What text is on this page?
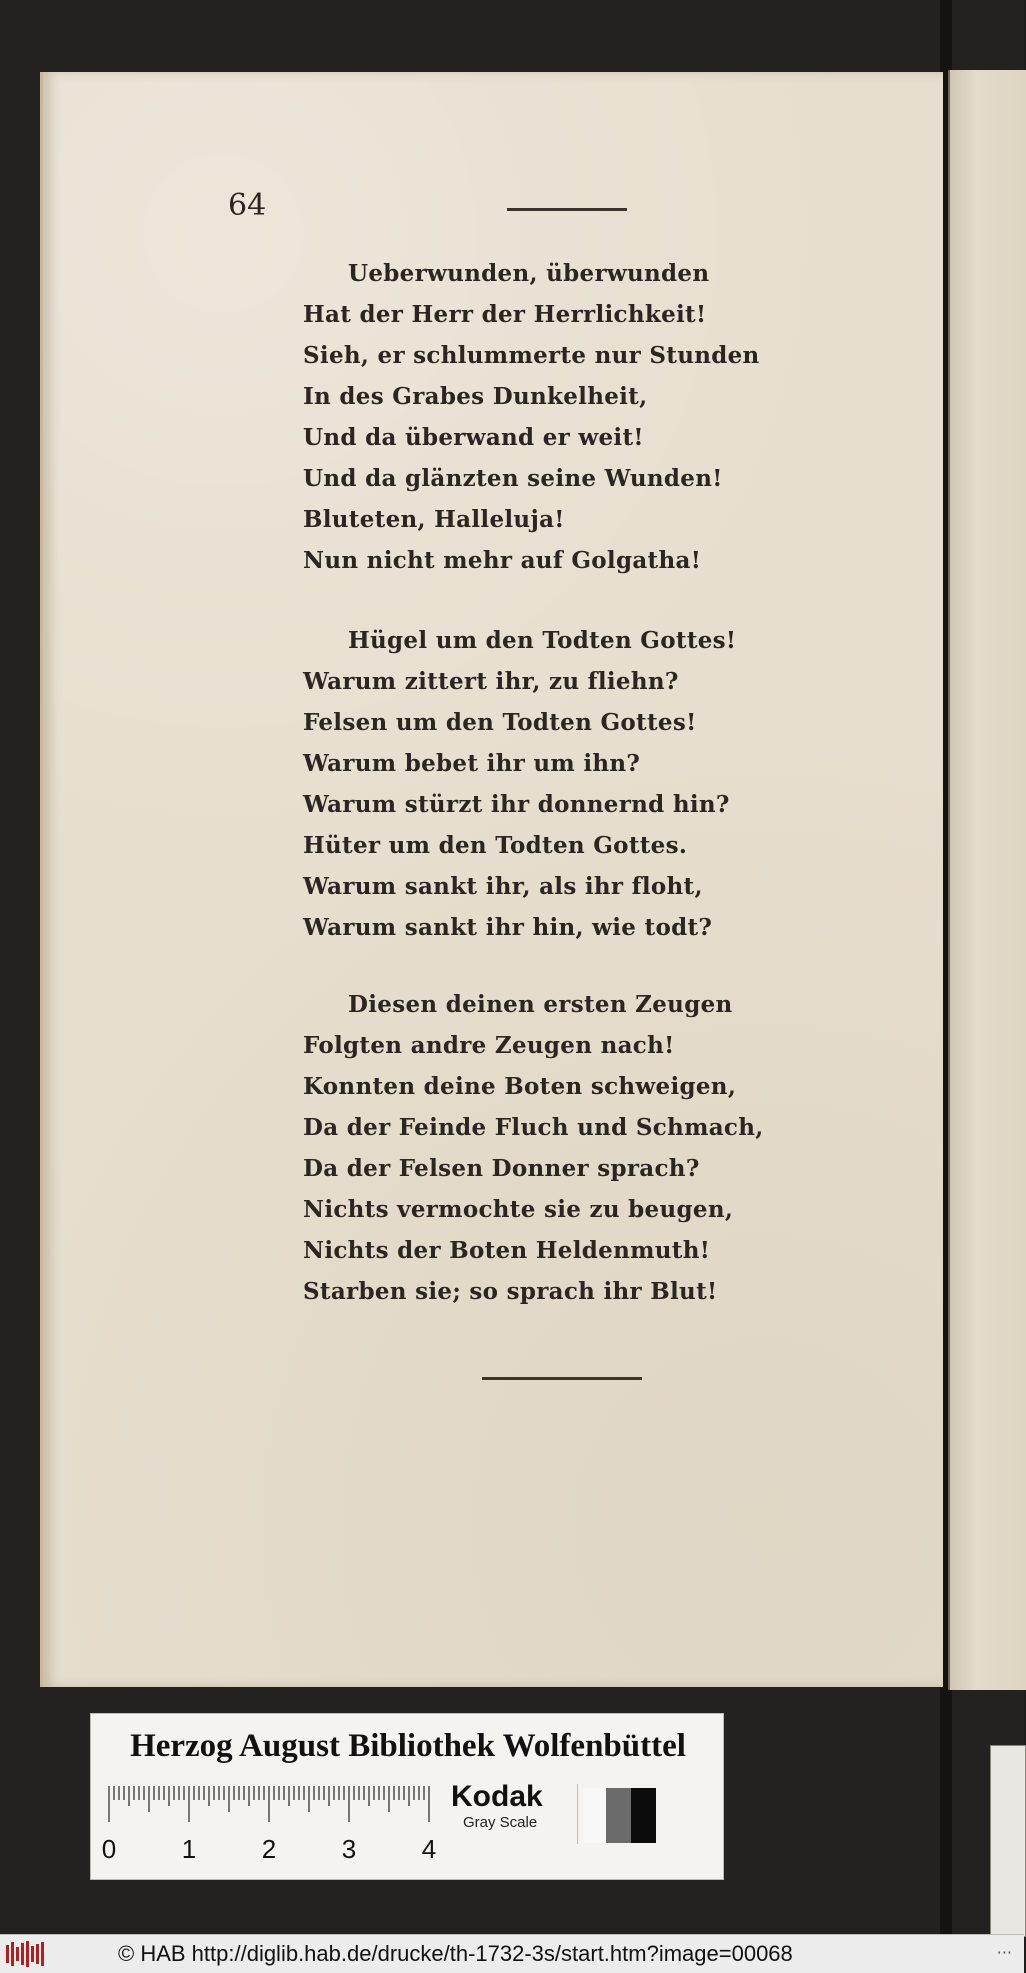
64
Ueberwunden, überwunden
Hat der Herr der Herrlichkeit!
Sieh, er schlummerte nur Stunden
In des Grabes Dunkelheit,
Und da überwand er weit!
Und da glänzten seine Wunden!
Bluteten, Halleluja!
Nun nicht mehr auf Golgatha!
Hügel um den Todten Gottes!
Warum zittert ihr, zu fliehn?
Felsen um den Todten Gottes!
Warum bebet ihr um ihn?
Warum stürzt ihr donnernd hin?
Hüter um den Todten Gottes.
Warum sankt ihr, als ihr floht,
Warum sankt ihr hin, wie todt?
Diesen deinen ersten Zeugen
Folgten andre Zeugen nach!
Konnten deine Boten schweigen,
Da der Feinde Fluch und Schmach,
Da der Felsen Donner sprach?
Nichts vermochte sie zu beugen,
Nichts der Boten Heldenmuth!
Starben sie; so sprach ihr Blut!
Herzog August Bibliothek Wolfenbüttel
0	1	2	3	4
Kodak
Gray Scale
© HAB http://diglib.hab.de/drucke/th-1732-3s/start.htm?image=00068	···
